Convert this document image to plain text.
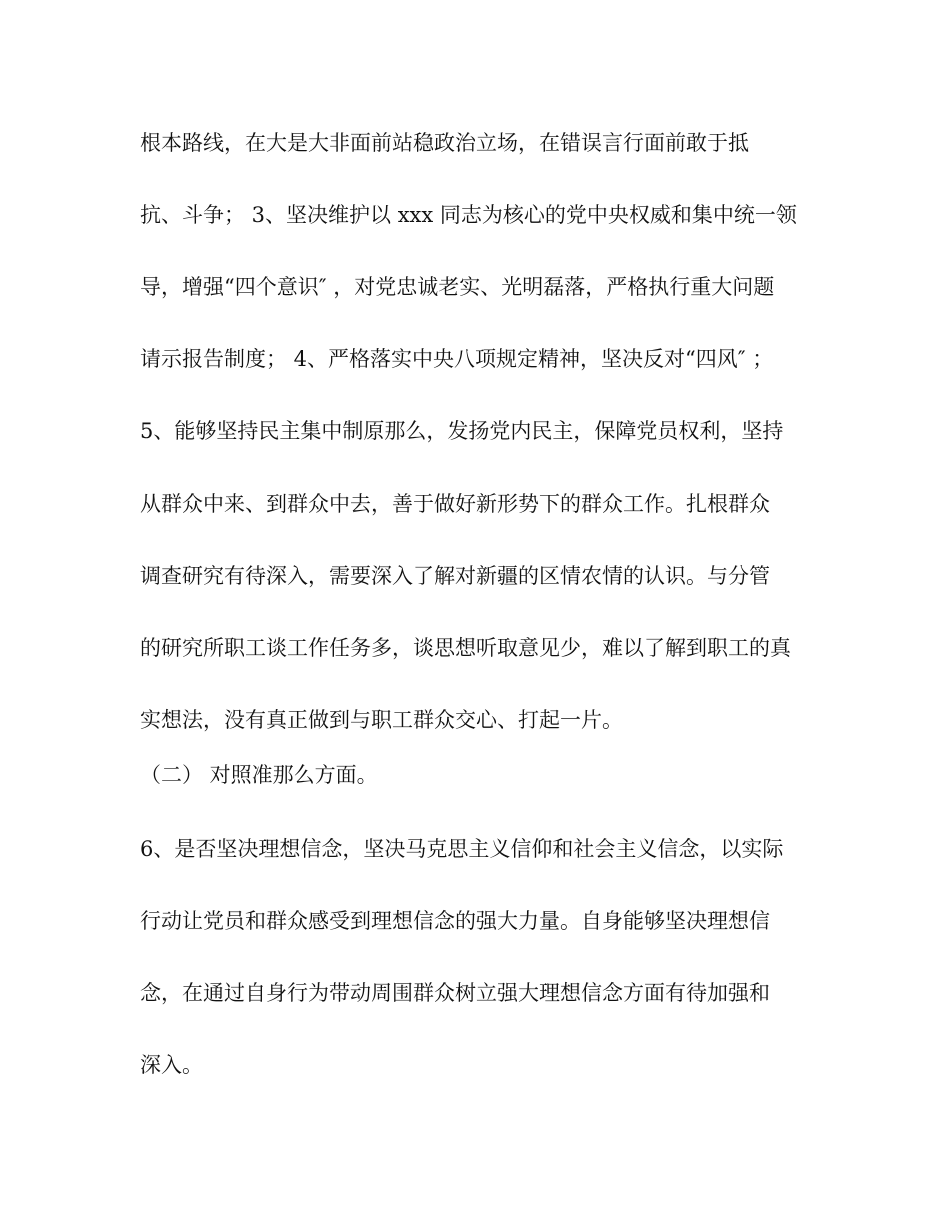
根本路线，在大是大非面前站稳政治立场，在错误言行面前敢于抵
抗、斗争； 3、坚决维护以 xxx 同志为核心的党中央权威和集中统一领
导，增强“四个意识″ ，对党忠诚老实、光明磊落，严格执行重大问题
请示报告制度； 4、严格落实中央八项规定精神，坚决反对“四风″ ；
5、能够坚持民主集中制原那么，发扬党内民主，保障党员权利，坚持
从群众中来、到群众中去，善于做好新形势下的群众工作。扎根群众
调查研究有待深入，需要深入了解对新疆的区情农情的认识。与分管
的研究所职工谈工作任务多，谈思想听取意见少，难以了解到职工的真
实想法，没有真正做到与职工群众交心、打起一片。
（二） 对照准那么方面。
6、是否坚决理想信念，坚决马克思主义信仰和社会主义信念，以实际
行动让党员和群众感受到理想信念的强大力量。自身能够坚决理想信
念，在通过自身行为带动周围群众树立强大理想信念方面有待加强和
深入。
